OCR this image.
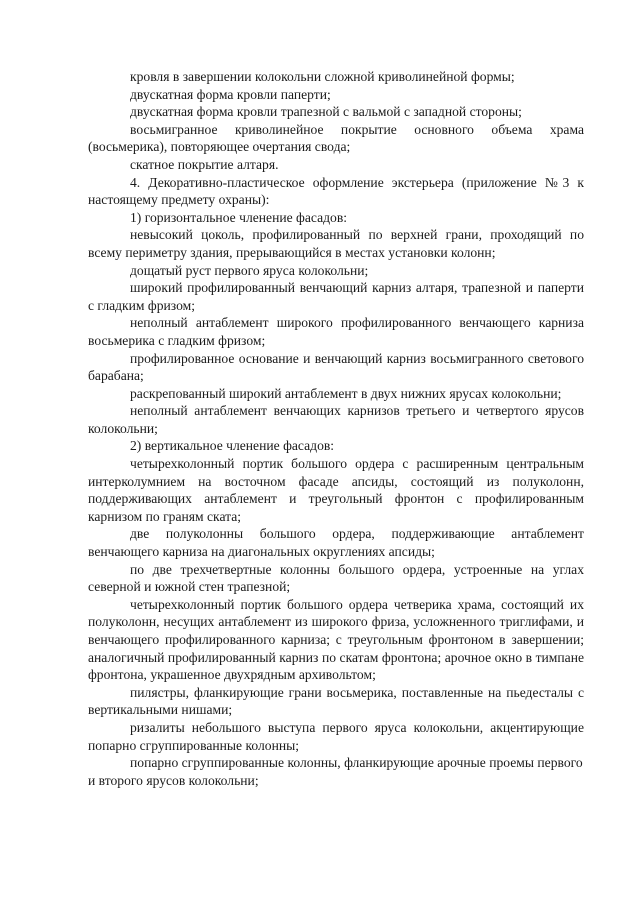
кровля в завершении колокольни сложной криволинейной формы;

двускатная форма кровли паперти;

двускатная форма кровли трапезной с вальмой с западной стороны;

восьмигранное криволинейное покрытие основного объема храма (восьмерика), повторяющее очертания свода;

скатное покрытие алтаря.

4. Декоративно-пластическое оформление экстерьера (приложение №3 к настоящему предмету охраны):

1) горизонтальное членение фасадов:

невысокий цоколь, профилированный по верхней грани, проходящий по всему периметру здания, прерывающийся в местах установки колонн;

дощатый руст первого яруса колокольни;

широкий профилированный венчающий карниз алтаря, трапезной и паперти с гладким фризом;

неполный антаблемент широкого профилированного венчающего карниза восьмерика с гладким фризом;

профилированное основание и венчающий карниз восьмигранного светового барабана;

раскрепованный широкий антаблемент в двух нижних ярусах колокольни;

неполный антаблемент венчающих карнизов третьего и четвертого ярусов колокольни;

2) вертикальное членение фасадов:

четырехколонный портик большого ордера с расширенным центральным интерколумнием на восточном фасаде апсиды, состоящий из полуколонн, поддерживающих антаблемент и треугольный фронтон с профилированным карнизом по граням ската;

две полуколонны большого ордера, поддерживающие антаблемент венчающего карниза на диагональных округлениях апсиды;

по две трехчетвертные колонны большого ордера, устроенные на углах северной и южной стен трапезной;

четырехколонный портик большого ордера четверика храма, состоящий их полуколонн, несущих антаблемент из широкого фриза, усложненного триглифами, и венчающего профилированного карниза; с треугольным фронтоном в завершении; аналогичный профилированный карниз по скатам фронтона; арочное окно в тимпане фронтона, украшенное двухрядным архивольтом;

пилястры, фланкирующие грани восьмерика, поставленные на пьедесталы с вертикальными нишами;

ризалиты небольшого выступа первого яруса колокольни, акцентирующие попарно сгруппированные колонны;

попарно сгруппированные колонны, фланкирующие арочные проемы первого и второго ярусов колокольни;
